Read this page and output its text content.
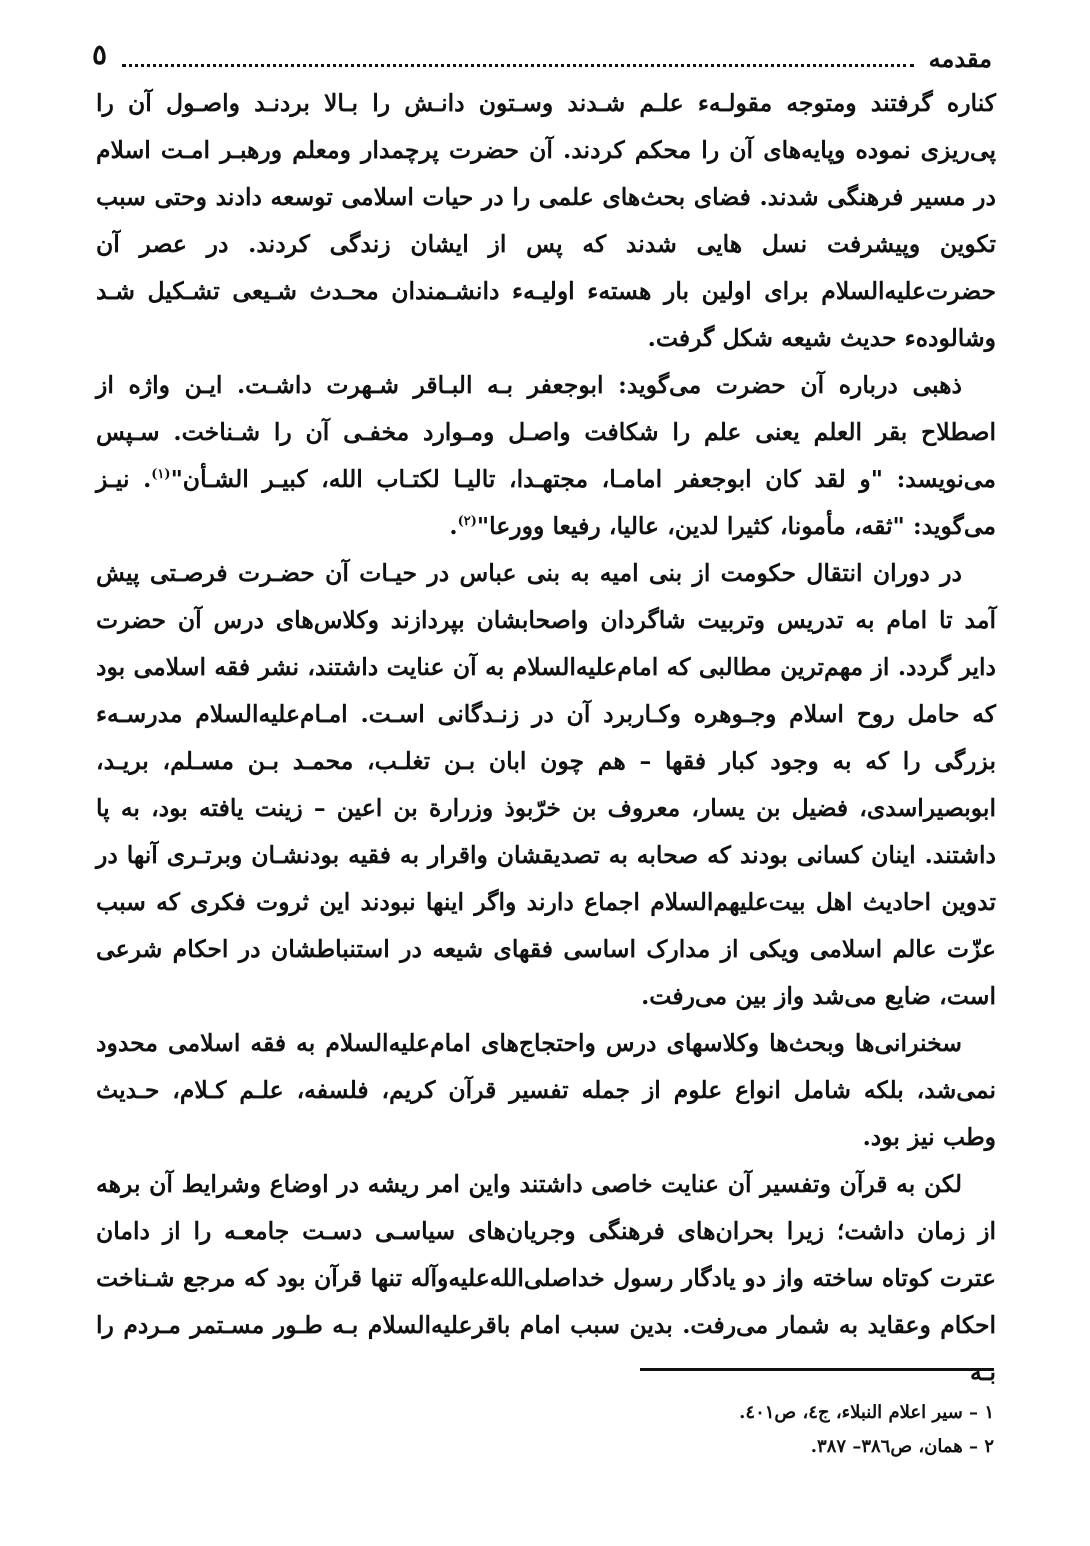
مقدمه
٥

کناره گرفتند ومتوجه مقولـهء علـم شـدند وسـتون دانـش را بـالا بردنـد واصـول آن را پی‌ریزی نموده وپایه‌های آن را محکم کردند. آن حضرت پرچمدار ومعلم ورهبـر امـت اسلام در مسیر فرهنگی شدند. فضای بحث‌های علمی را در حیات اسلامی توسعه دادند وحتی سبب تکوین وپیشرفت نسل هایی شدند که پس از ایشان زندگی کردند. در عصر آن حضرت‌علیه‌السلام برای اولین بار هستهء اولیـهء دانشـمندان محـدث شـیعی تشـکیل شـد وشالودهء حدیث شیعه شکل گرفت.

ذهبی درباره آن حضرت می‌گوید: ابوجعفر بـه البـاقر شـهرت داشـت. ایـن واژه از اصطلاح بقر العلم یعنی علم را شکافت واصـل ومـوارد مخفـی آن را شـناخت. سـپس می‌نویسد: "و لقد کان ابوجعفر امامـا، مجتهـدا، تالیـا لکتـاب الله، کبیـر الشـأن"$^{(١)}$. نیـز می‌گوید: "ثقه، مأمونا، کثیرا لدین، عالیا، رفیعا وورعا"$^{(٢)}$.

در دوران انتقال حکومت از بنی امیه به بنی عباس در حیـات آن حضـرت فرصـتی پیش آمد تا امام به تدریس وتربیت شاگردان واصحابشان بپردازند وکلاس‌های درس آن حضرت دایر گردد. از مهم‌ترین مطالبی که امام‌علیه‌السلام به آن عنایت داشتند، نشر فقه اسلامی بود که حامل روح اسلام وجـوهره وکـاربرد آن در زنـدگانی اسـت. امـام‌علیه‌السلام مدرسـهء بزرگی را که به وجود کبار فقها – هم چون ابان بـن تغلـب، محمـد بـن مسـلم، بریـد، ابوبصیراسدی، فضیل بن یسار، معروف بن خرّبوذ وزرارة بن اعین – زینت یافته بود، به پا داشتند. اینان کسانی بودند که صحابه به تصدیقشان واقرار به فقیه بودنشـان وبرتـری آنها در تدوین احادیث اهل بیت‌علیهم‌السلام اجماع دارند واگر اینها نبودند این ثروت فکری که سبب عزّت عالم اسلامی ویکی از مدارک اساسی فقهای شیعه در استنباطشان در احکام شرعی است، ضایع می‌شد واز بین می‌رفت.

سخنرانی‌ها وبحث‌ها وکلاسهای درس واحتجاج‌های امام‌علیه‌السلام به فقه اسلامی محدود نمی‌شد، بلکه شامل انواع علوم از جمله تفسیر قرآن کریم، فلسفه، علـم کـلام، حـدیث وطب نیز بود.

لکن به قرآن وتفسیر آن عنایت خاصی داشتند واین امر ریشه در اوضاع وشرایط آن برهه از زمان داشت؛ زیرا بحران‌های فرهنگی وجریان‌های سیاسـی دسـت جامعـه را از دامان عترت کوتاه ساخته واز دو یادگار رسول خداصلی‌الله‌علیه‌وآله تنها قرآن بود که مرجع شـناخت احکام وعقاید به شمار می‌رفت. بدین سبب امام باقرعلیه‌السلام بـه طـور مسـتمر مـردم را بـه

١ – سیر اعلام النبلاء، ج٤، ص٤٠١.

٢ – همان، ص٣٨٦– ٣٨٧.
